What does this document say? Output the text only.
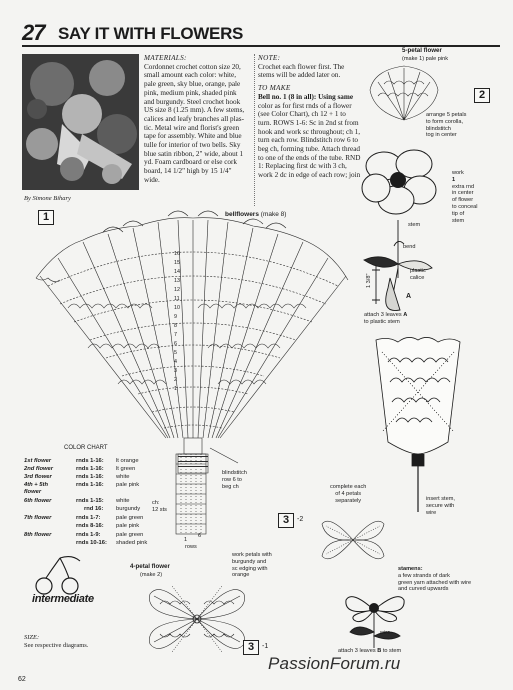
27 SAY IT WITH FLOWERS
By Simone Bihary
MATERIALS:
Cordonnet crochet cotton size 20,
small amount each color: white,
pale green, sky blue, orange, pale
pink, medium pink, shaded pink
and burgundy. Steel crochet hook
US size 8 (1.25 mm). A few stems,
calices and leafy branches all plas-
tic. Metal wire and florist's green
tape for assembly. White and blue
tulle for interior of two bells. Sky
blue satin ribbon, 2" wide, about 1
yd. Foam cardboard or else cork
board, 14 1/2" high by 15 1/4"
wide.
NOTE:
Crochet each flower first. The
stems will be added later on.
TO MAKE
Bell no. 1 (8 in all): Using same
color as for first rnds of a flower
(see Color Chart), ch 12 + 1 to
turn. ROWS 1-6: Sc in 2nd st from
hook and work sc throughout; ch 1,
turn each row. Blindstitch row 6 to
beg ch, forming tube. Attach thread
to one of the ends of the tube. RND
1: Replacing first dc with 3 ch,
work 2 dc in edge of each row; join
1	bellflowers (make 8)
16
15
14
13
12
11
10
9
8
7
6
5
4
3
2
1
blindstitch
row 6 to
beg ch
ch:
12 sts
6
1
rows
COLOR CHART
1st flower	rnds 1-16: lt orange
2nd flower	rnds 1-16: lt green
3rd flower	rnds 1-16: white
4th + 5th flower
rnds 1-16: pale pink
6th flower	rnds 1-15: white
rnd 16: burgundy
7th flower	rnds 1-7:	pale green
rnds 8-16: pale pink
8th flower	rnds 1-9:	pale green
rnds 10-16: shaded pink
intermediate
SIZE:
See respective diagrams.
5-petal flower
(make 1) pale pink
2
arrange 5 petals
to form corolla,
blindstitch
tog in center
work
1
extra rnd
in center
of flower
to conceal
tip of
stem
stem
bend
plastic
calice
1 3/8"
A
attach 3 leaves A
to plastic stem
insert stem,
secure with
wire
3	-2
complete each
of 4 petals
separately
stamens:
a few strands of dark
green yarn attached with wire
and curved upwards
wire
attach 3 leaves B to stem
4-petal flower
(make 2)
work petals with
burgundy and
sc edging with
orange
3	-1
62
PassionForum.ru
